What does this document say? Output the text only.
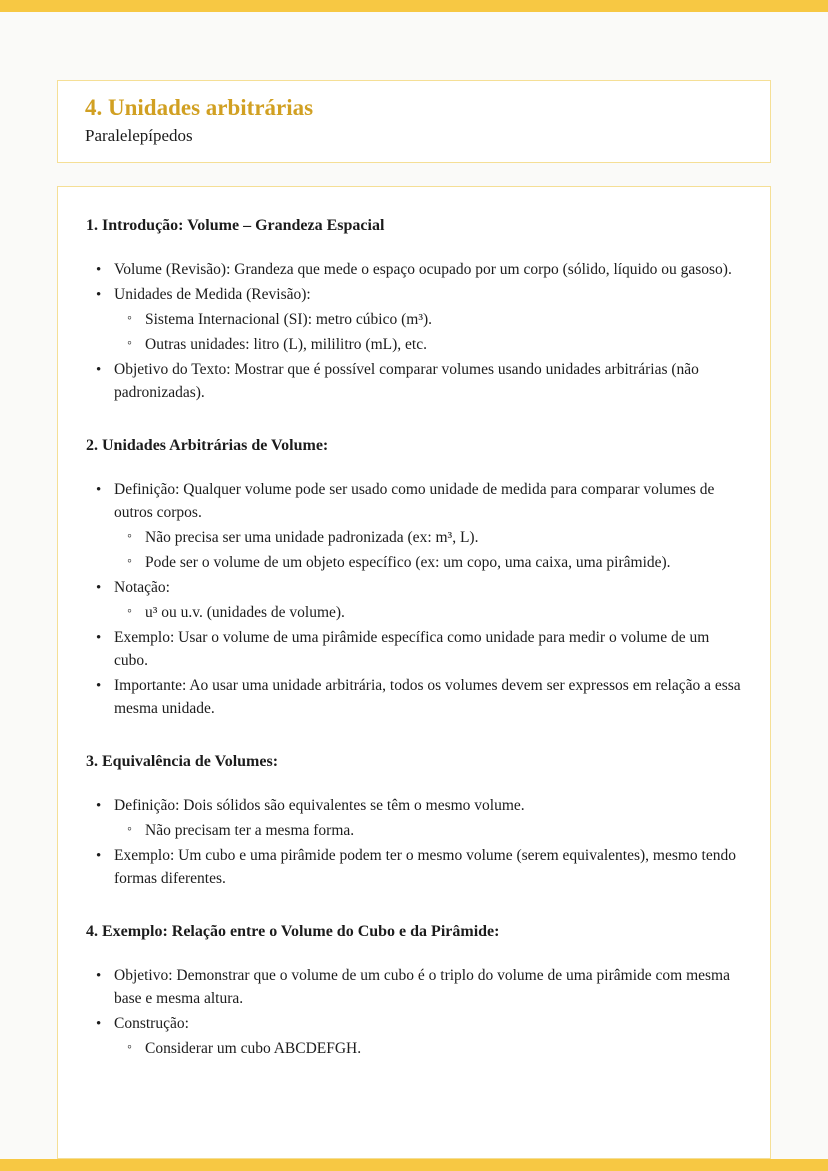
4. Unidades arbitrárias
Paralelepípedos
1. Introdução: Volume – Grandeza Espacial
• Volume (Revisão): Grandeza que mede o espaço ocupado por um corpo (sólido, líquido ou gasoso).
• Unidades de Medida (Revisão):
◦ Sistema Internacional (SI): metro cúbico (m³).
◦ Outras unidades: litro (L), mililitro (mL), etc.
• Objetivo do Texto: Mostrar que é possível comparar volumes usando unidades arbitrárias (não padronizadas).
2. Unidades Arbitrárias de Volume:
• Definição: Qualquer volume pode ser usado como unidade de medida para comparar volumes de outros corpos.
◦ Não precisa ser uma unidade padronizada (ex: m³, L).
◦ Pode ser o volume de um objeto específico (ex: um copo, uma caixa, uma pirâmide).
• Notação:
◦ u³ ou u.v. (unidades de volume).
• Exemplo: Usar o volume de uma pirâmide específica como unidade para medir o volume de um cubo.
• Importante: Ao usar uma unidade arbitrária, todos os volumes devem ser expressos em relação a essa mesma unidade.
3. Equivalência de Volumes:
• Definição: Dois sólidos são equivalentes se têm o mesmo volume.
◦ Não precisam ter a mesma forma.
• Exemplo: Um cubo e uma pirâmide podem ter o mesmo volume (serem equivalentes), mesmo tendo formas diferentes.
4. Exemplo: Relação entre o Volume do Cubo e da Pirâmide:
• Objetivo: Demonstrar que o volume de um cubo é o triplo do volume de uma pirâmide com mesma base e mesma altura.
• Construção:
◦ Considerar um cubo ABCDEFGH.
